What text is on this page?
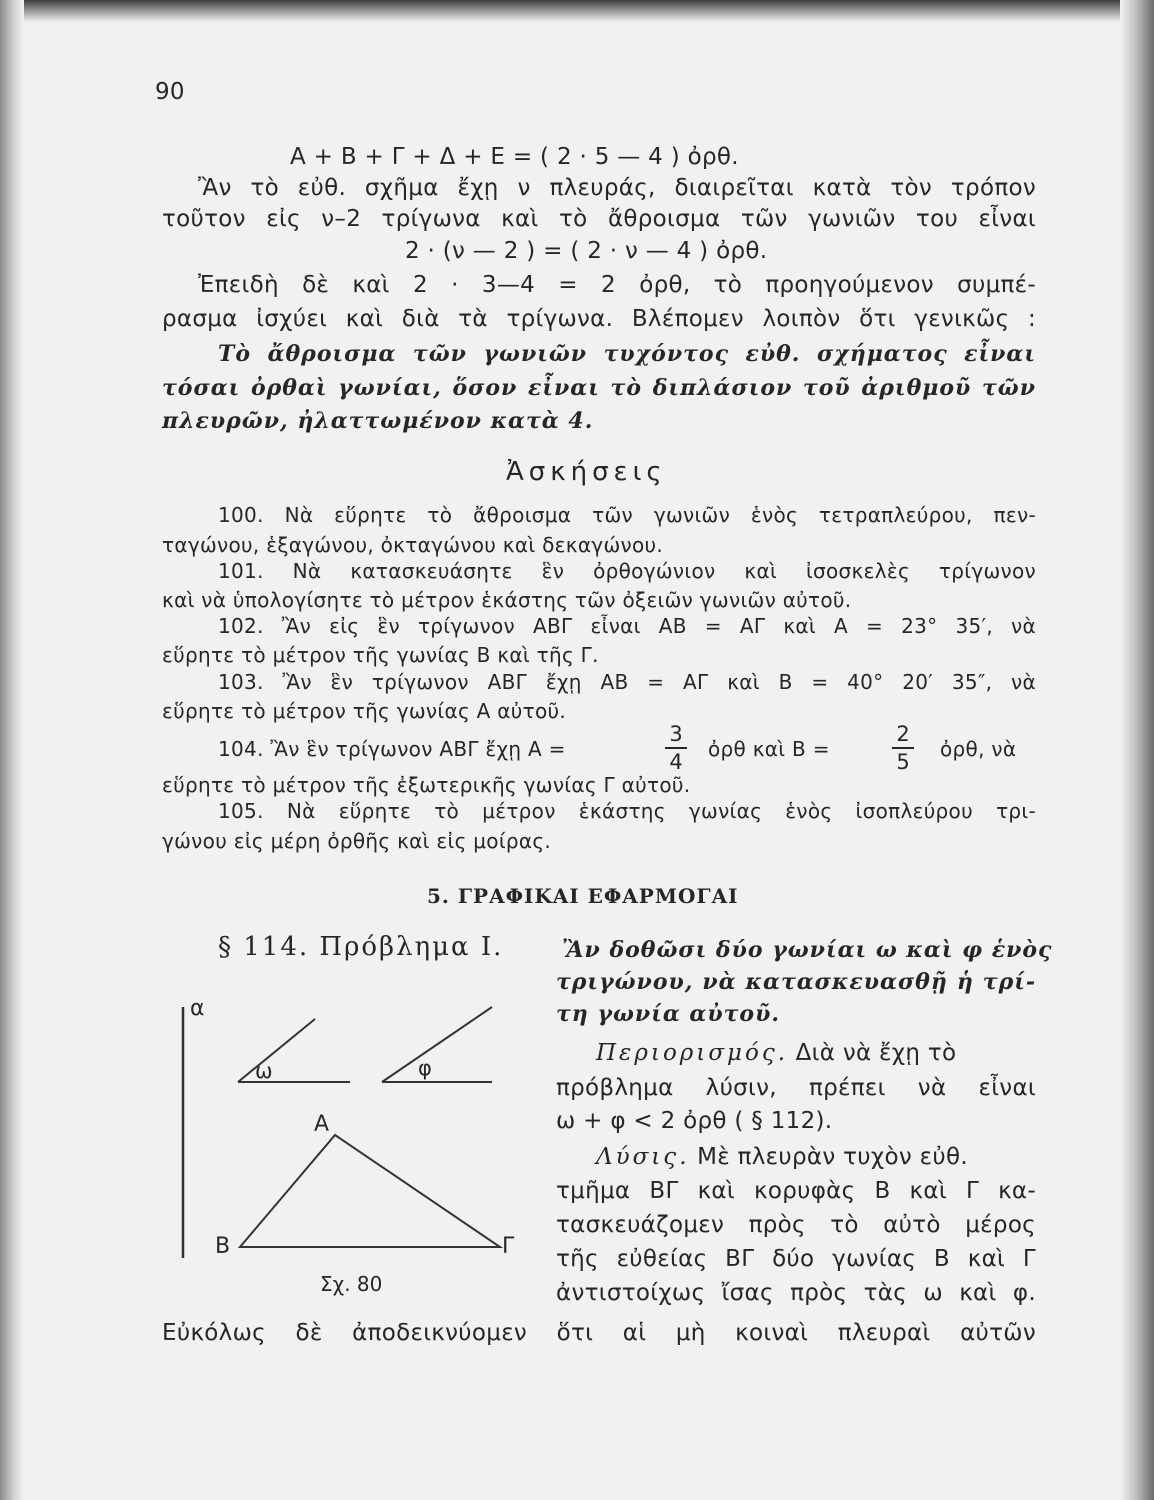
90
Α + Β + Γ + Δ + Ε = ( 2 · 5 — 4 ) ὀρθ.
Ἂν τὸ εὐθ. σχῆμα ἔχῃ ν πλευράς, διαιρεῖται κατὰ τὸν τρόπον
τοῦτον εἰς ν–2 τρίγωνα καὶ τὸ ἄθροισμα τῶν γωνιῶν του εἶναι
2 · (ν — 2 ) = ( 2 · ν — 4 ) ὀρθ.
Ἐπειδὴ δὲ καὶ 2 · 3—4 = 2 ὀρθ, τὸ προηγούμενον συμπέ-
ρασμα ἰσχύει καὶ διὰ τὰ τρίγωνα. Βλέπομεν λοιπὸν ὅτι γενικῶς :
Τὸ ἄθροισμα τῶν γωνιῶν τυχόντος εὐθ. σχήματος εἶναι
τόσαι ὀρθαὶ γωνίαι, ὅσον εἶναι τὸ διπλάσιον τοῦ ἀριθμοῦ τῶν
πλευρῶν, ἠλαττωμένον κατὰ 4.
Ἀσκήσεις
100. Νὰ εὕρητε τὸ ἄθροισμα τῶν γωνιῶν ἑνὸς τετραπλεύρου, πεν-
ταγώνου, ἑξαγώνου, ὀκταγώνου καὶ δεκαγώνου.
101. Νὰ κατασκευάσητε ἓν ὀρθογώνιον καὶ ἰσοσκελὲς τρίγωνον
καὶ νὰ ὑπολογίσητε τὸ μέτρον ἑκάστης τῶν ὀξειῶν γωνιῶν αὐτοῦ.
102. Ἂν εἰς ἓν τρίγωνον ΑΒΓ εἶναι ΑΒ = ΑΓ καὶ Α = 23° 35′, νὰ
εὕρητε τὸ μέτρον τῆς γωνίας Β καὶ τῆς Γ.
103. Ἂν ἓν τρίγωνον ΑΒΓ ἔχῃ ΑΒ = ΑΓ καὶ Β = 40° 20′ 35″, νὰ
εὕρητε τὸ μέτρον τῆς γωνίας Α αὐτοῦ.
104. Ἂν ἓν τρίγωνον ΑΒΓ ἔχῃ Α =
3
4
ὀρθ καὶ Β =
2
5
ὀρθ, νὰ
εὕρητε τὸ μέτρον τῆς ἐξωτερικῆς γωνίας Γ αὐτοῦ.
105. Νὰ εὕρητε τὸ μέτρον ἑκάστης γωνίας ἑνὸς ἰσοπλεύρου τρι-
γώνου εἰς μέρη ὀρθῆς καὶ εἰς μοίρας.
5. ΓΡΑΦΙΚΑΙ ΕΦΑΡΜΟΓΑΙ
§ 114. Πρόβλημα Ι.	Ἂν δοθῶσι δύο γωνίαι ω καὶ φ ἑνὸς
τριγώνου, νὰ κατασκευασθῇ ἡ τρί-
τη γωνία αὐτοῦ.
Περιορισμός. Διὰ νὰ ἔχῃ τὸ
πρόβλημα λύσιν, πρέπει νὰ εἶναι
ω + φ < 2 ὀρθ ( § 112).
Λύσις. Μὲ πλευρὰν τυχὸν εὐθ.
τμῆμα ΒΓ καὶ κορυφὰς Β καὶ Γ κα-
τασκευάζομεν πρὸς τὸ αὐτὸ μέρος
τῆς εὐθείας ΒΓ δύο γωνίας Β καὶ Γ
ἀντιστοίχως ἴσας πρὸς τὰς ω καὶ φ.
Εὐκόλως δὲ ἀποδεικνύομεν ὅτι αἱ μὴ κοιναὶ πλευραὶ αὐτῶν
α
ω	φ
Α
Β	Γ
Σχ. 80
